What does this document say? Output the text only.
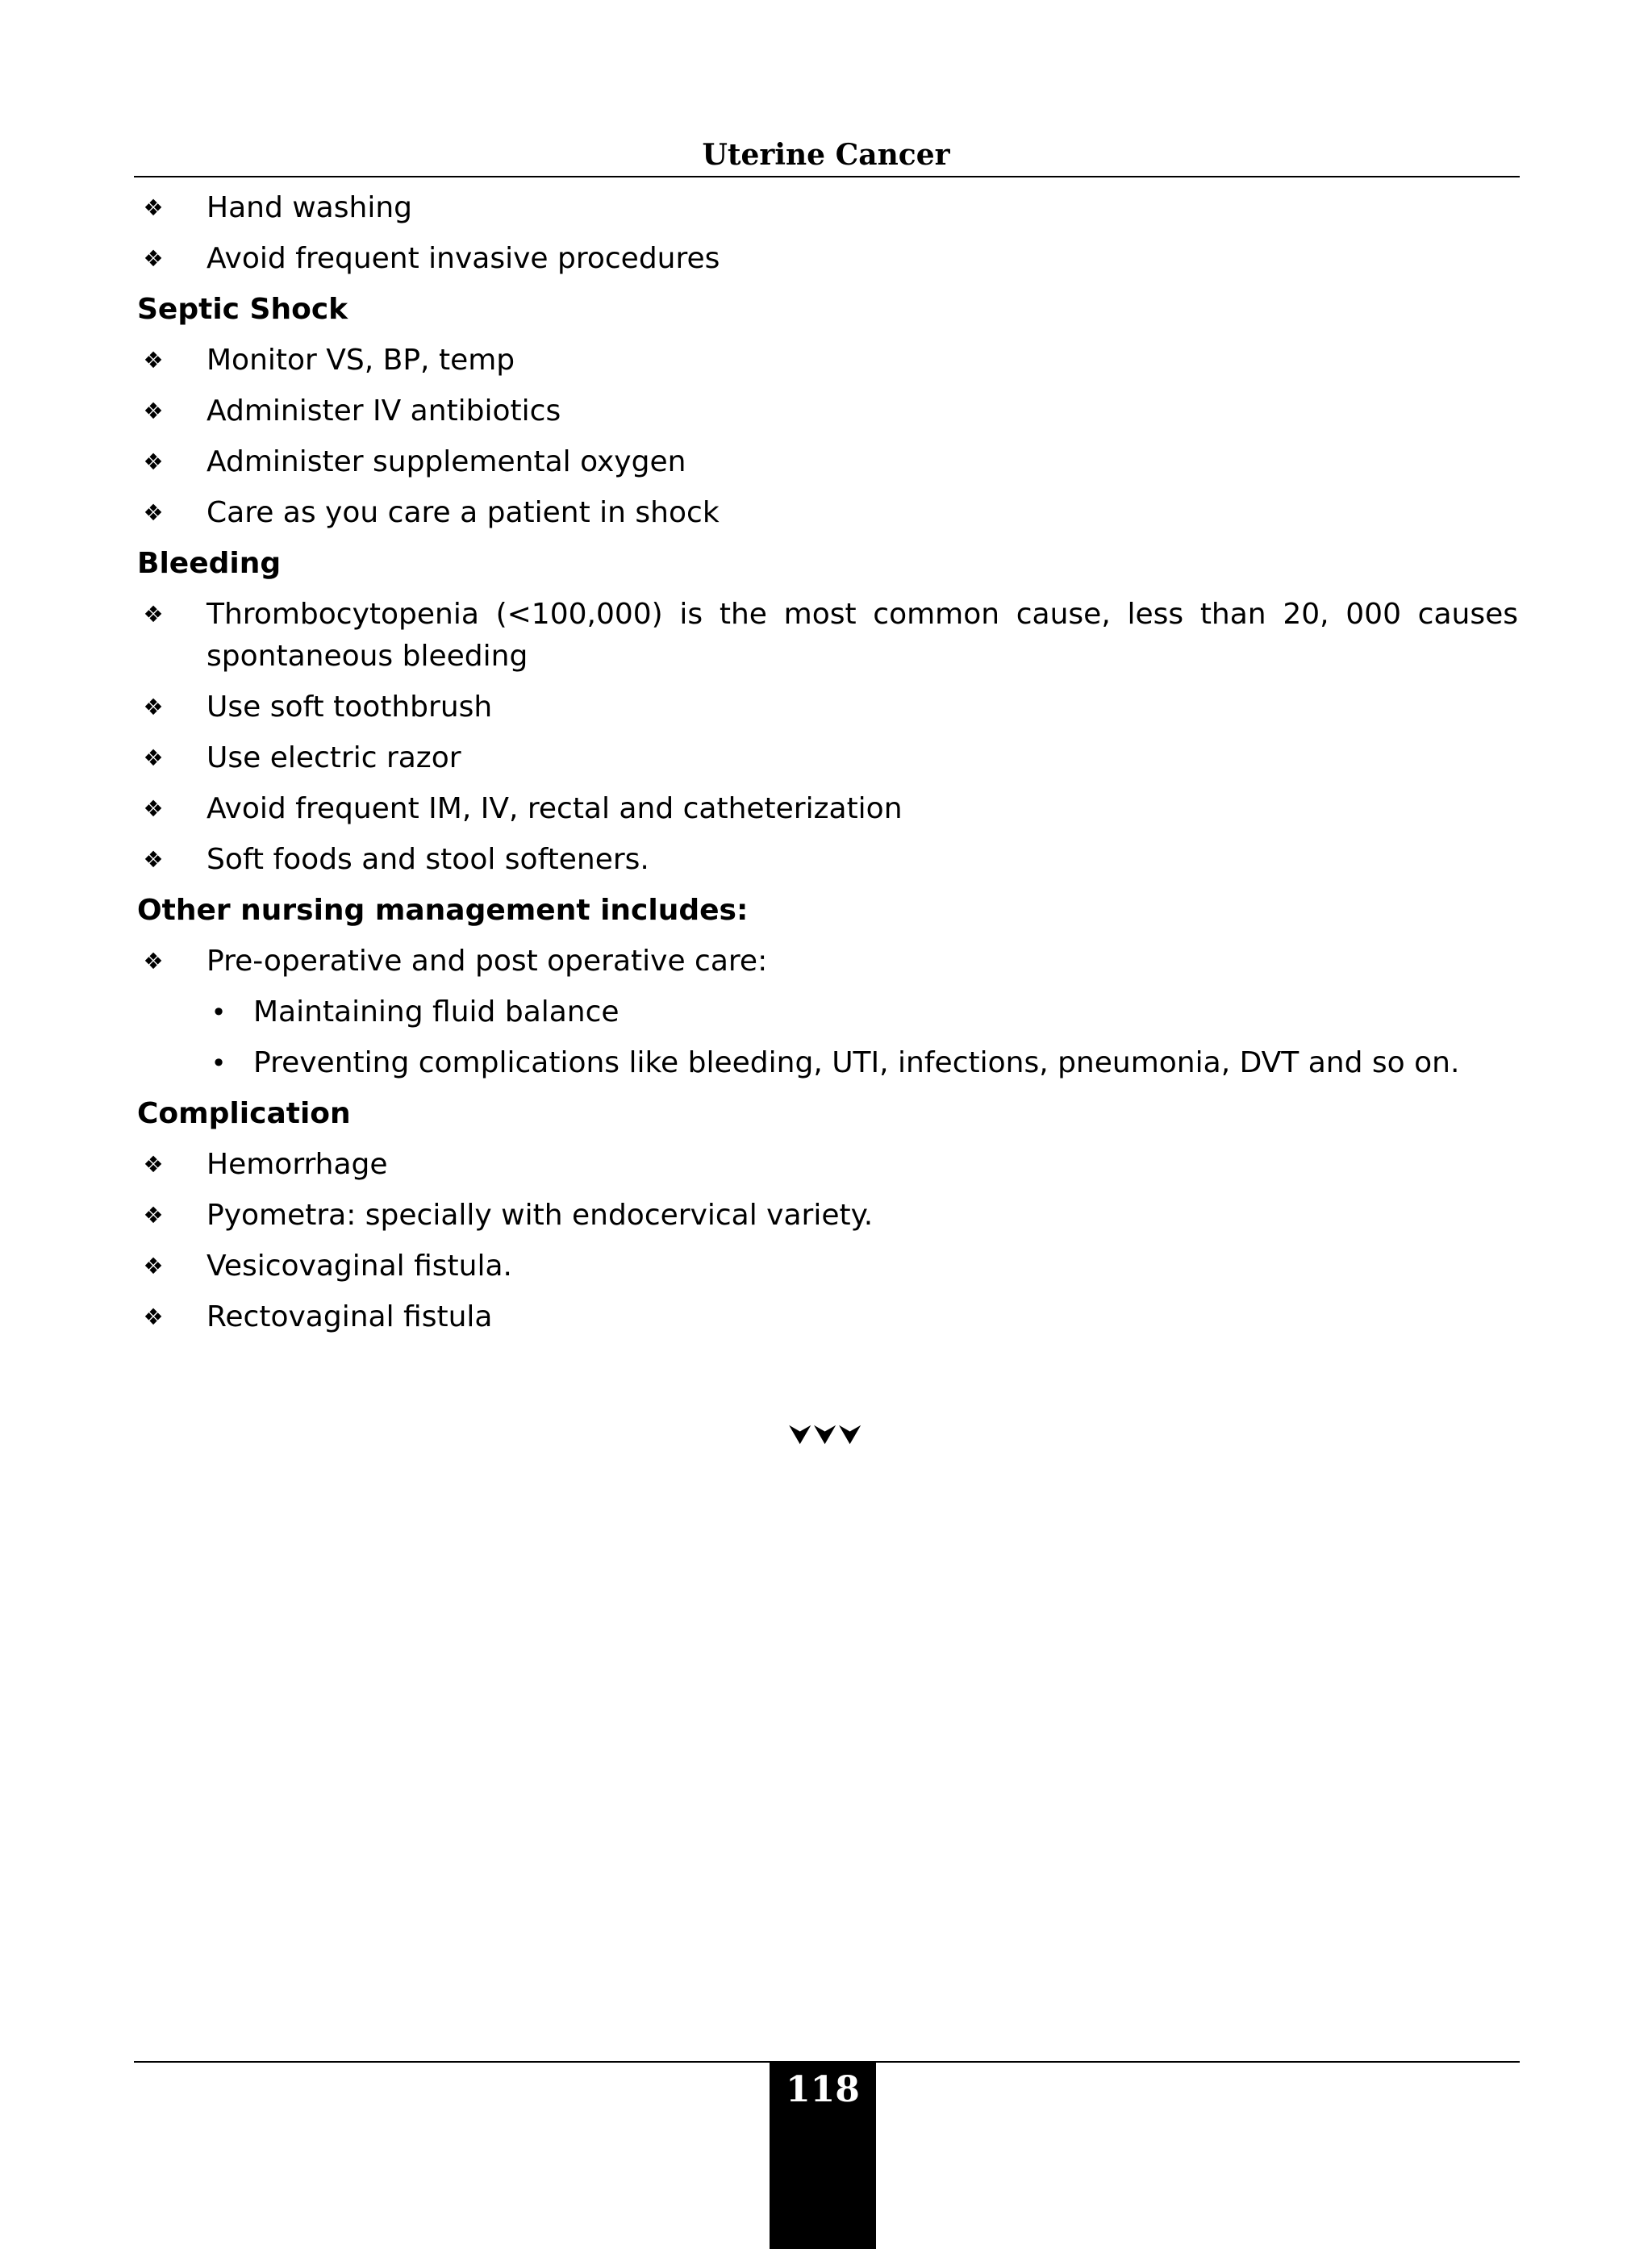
Uterine Cancer
❖ Hand washing
❖ Avoid frequent invasive procedures
Septic Shock
❖ Monitor VS, BP, temp
❖ Administer IV antibiotics
❖ Administer supplemental oxygen
❖ Care as you care a patient in shock
Bleeding
❖ Thrombocytopenia (<100,000) is the most common cause, less than 20, 000 causes spontaneous bleeding
❖ Use soft toothbrush
❖ Use electric razor
❖ Avoid frequent IM, IV, rectal and catheterization
❖ Soft foods and stool softeners.
Other nursing management includes:
❖ Pre-operative and post operative care:
• Maintaining fluid balance
• Preventing complications like bleeding, UTI, infections, pneumonia, DVT and so on.
Complication
❖ Hemorrhage
❖ Pyometra: specially with endocervical variety.
❖ Vesicovaginal fistula.
❖ Rectovaginal fistula
⮟⮟⮟
118
